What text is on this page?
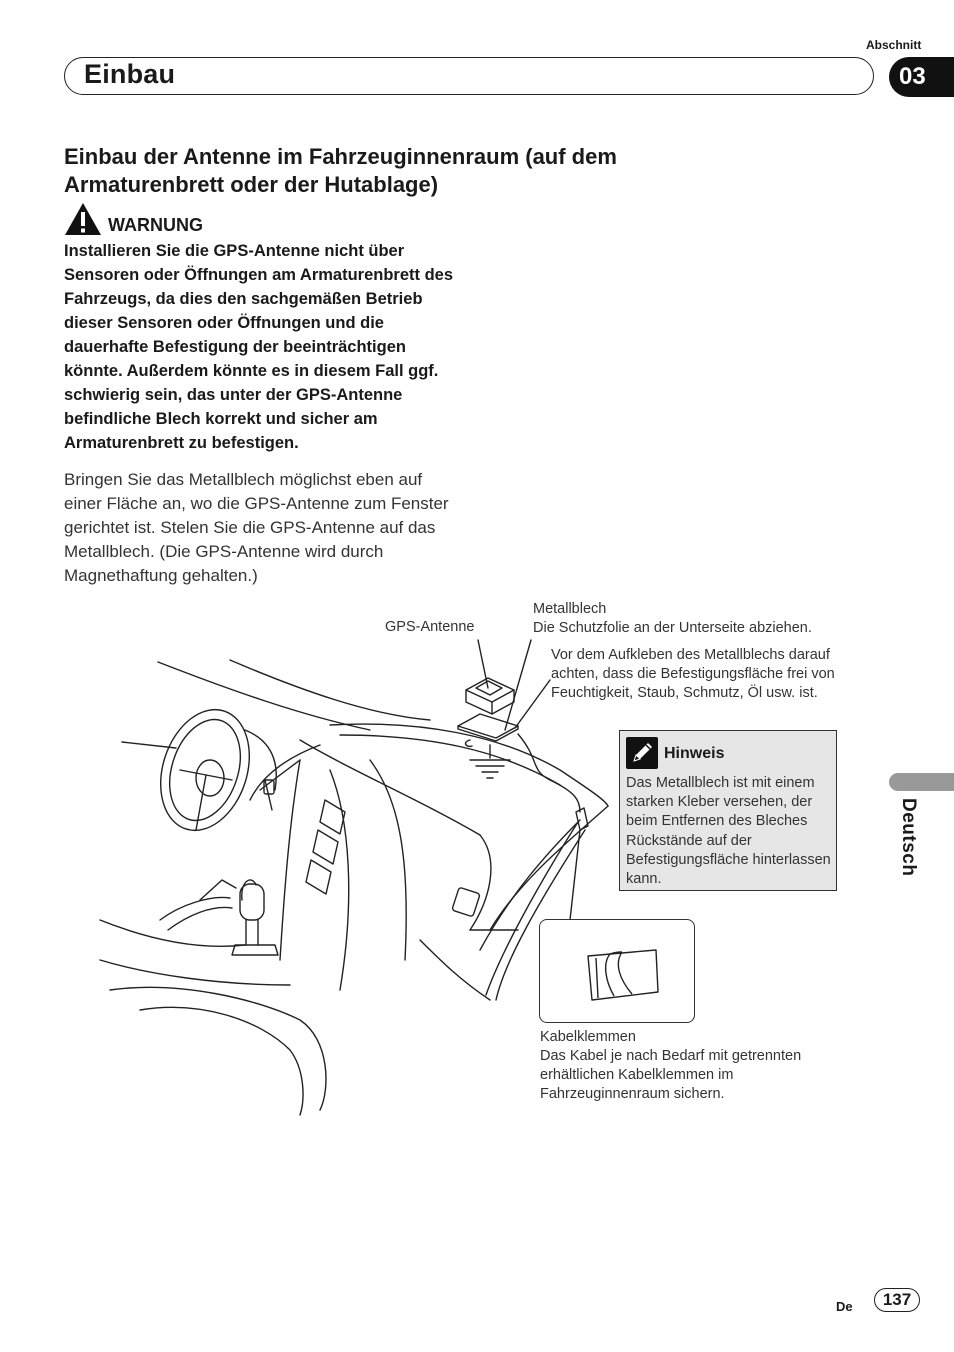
Abschnitt
Einbau	03
Einbau der Antenne im Fahrzeuginnenraum (auf dem Armaturenbrett oder der Hutablage)
WARNUNG

Installieren Sie die GPS-Antenne nicht über Sensoren oder Öffnungen am Armaturenbrett des Fahrzeugs, da dies den sachgemäßen Betrieb dieser Sensoren oder Öffnungen und die dauerhafte Befestigung der beeinträchtigen könnte. Außerdem könnte es in diesem Fall ggf. schwierig sein, das unter der GPS-Antenne befindliche Blech korrekt und sicher am Armaturenbrett zu befestigen.

Bringen Sie das Metallblech möglichst eben auf einer Fläche an, wo die GPS-Antenne zum Fenster gerichtet ist. Stelen Sie die GPS-Antenne auf das Metallblech. (Die GPS-Antenne wird durch Magnethaftung gehalten.)

GPS-Antenne

Metallblech

Die Schutzfolie an der Unterseite abziehen.

Vor dem Aufkleben des Metallblechs darauf achten, dass die Befestigungsfläche frei von Feuchtigkeit, Staub, Schmutz, Öl usw. ist.

Hinweis

Das Metallblech ist mit einem starken Kleber versehen, der beim Entfernen des Bleches Rückstände auf der Befestigungsfläche hinterlassen kann.

Kabelklemmen

Das Kabel je nach Bedarf mit getrennten erhältlichen Kabelklemmen im Fahrzeuginnenraum sichern.

Deutsch
De	137
